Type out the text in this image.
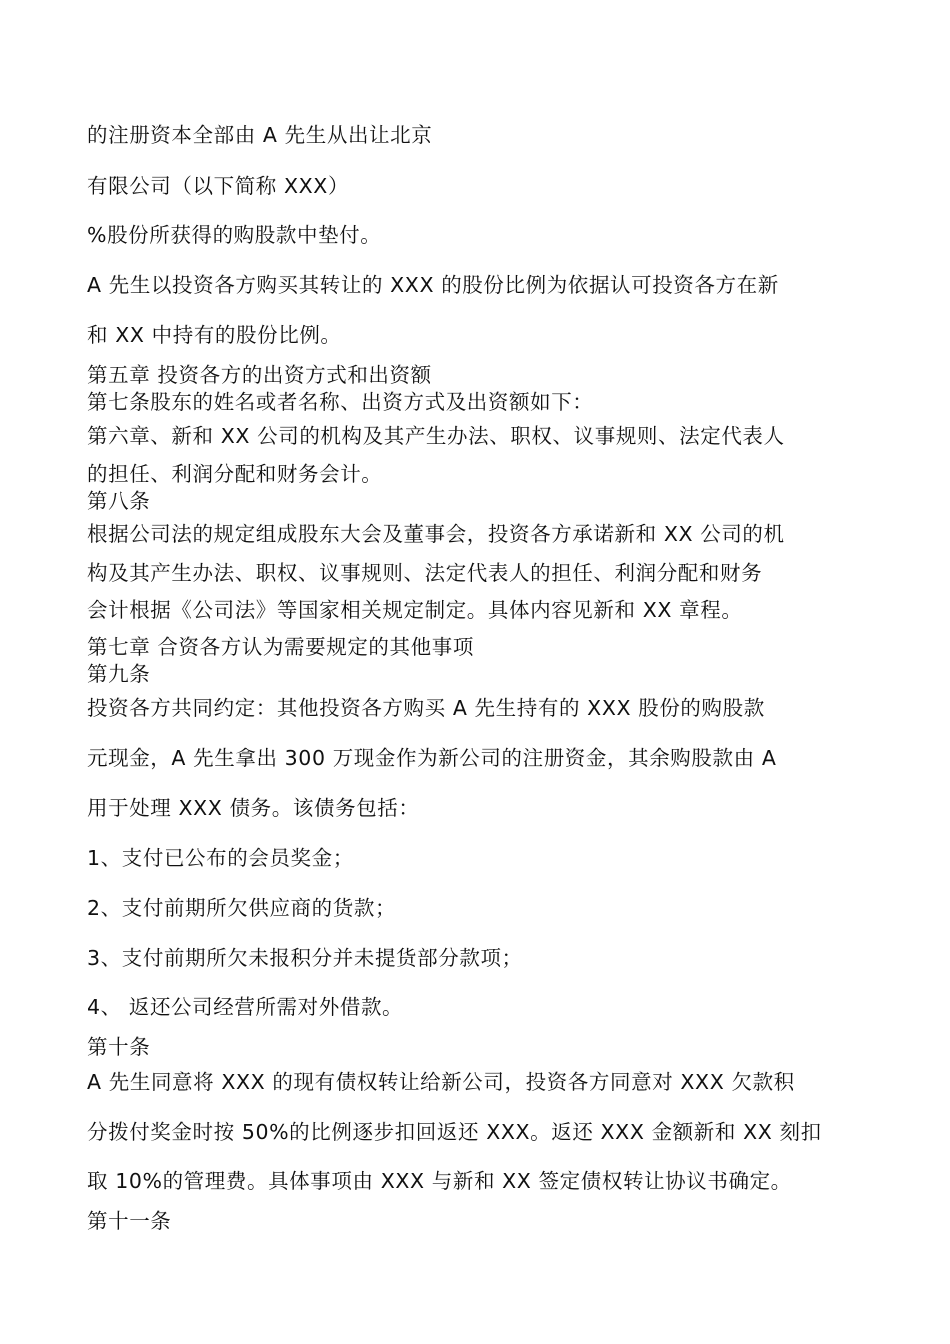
的注册资本全部由 A 先生从出让北京
有限公司（以下简称 XXX）
%股份所获得的购股款中垫付。
A 先生以投资各方购买其转让的 XXX 的股份比例为依据认可投资各方在新
和 XX 中持有的股份比例。
第五章 投资各方的出资方式和出资额
第七条股东的姓名或者名称、出资方式及出资额如下：
第六章、新和 XX 公司的机构及其产生办法、职权、议事规则、法定代表人
的担任、利润分配和财务会计。
第八条
根据公司法的规定组成股东大会及董事会，投资各方承诺新和 XX 公司的机
构及其产生办法、职权、议事规则、法定代表人的担任、利润分配和财务
会计根据《公司法》等国家相关规定制定。具体内容见新和 XX 章程。
第七章 合资各方认为需要规定的其他事项
第九条
投资各方共同约定：其他投资各方购买 A 先生持有的 XXX 股份的购股款
元现金，A 先生拿出 300 万现金作为新公司的注册资金，其余购股款由 A
用于处理 XXX 债务。该债务包括：
1、支付已公布的会员奖金；
2、支付前期所欠供应商的货款；
3、支付前期所欠未报积分并未提货部分款项；
4、 返还公司经营所需对外借款。
第十条
A 先生同意将 XXX 的现有债权转让给新公司，投资各方同意对 XXX 欠款积
分拨付奖金时按 50%的比例逐步扣回返还 XXX。返还 XXX 金额新和 XX 刻扣
取 10%的管理费。具体事项由 XXX 与新和 XX 签定债权转让协议书确定。
第十一条
